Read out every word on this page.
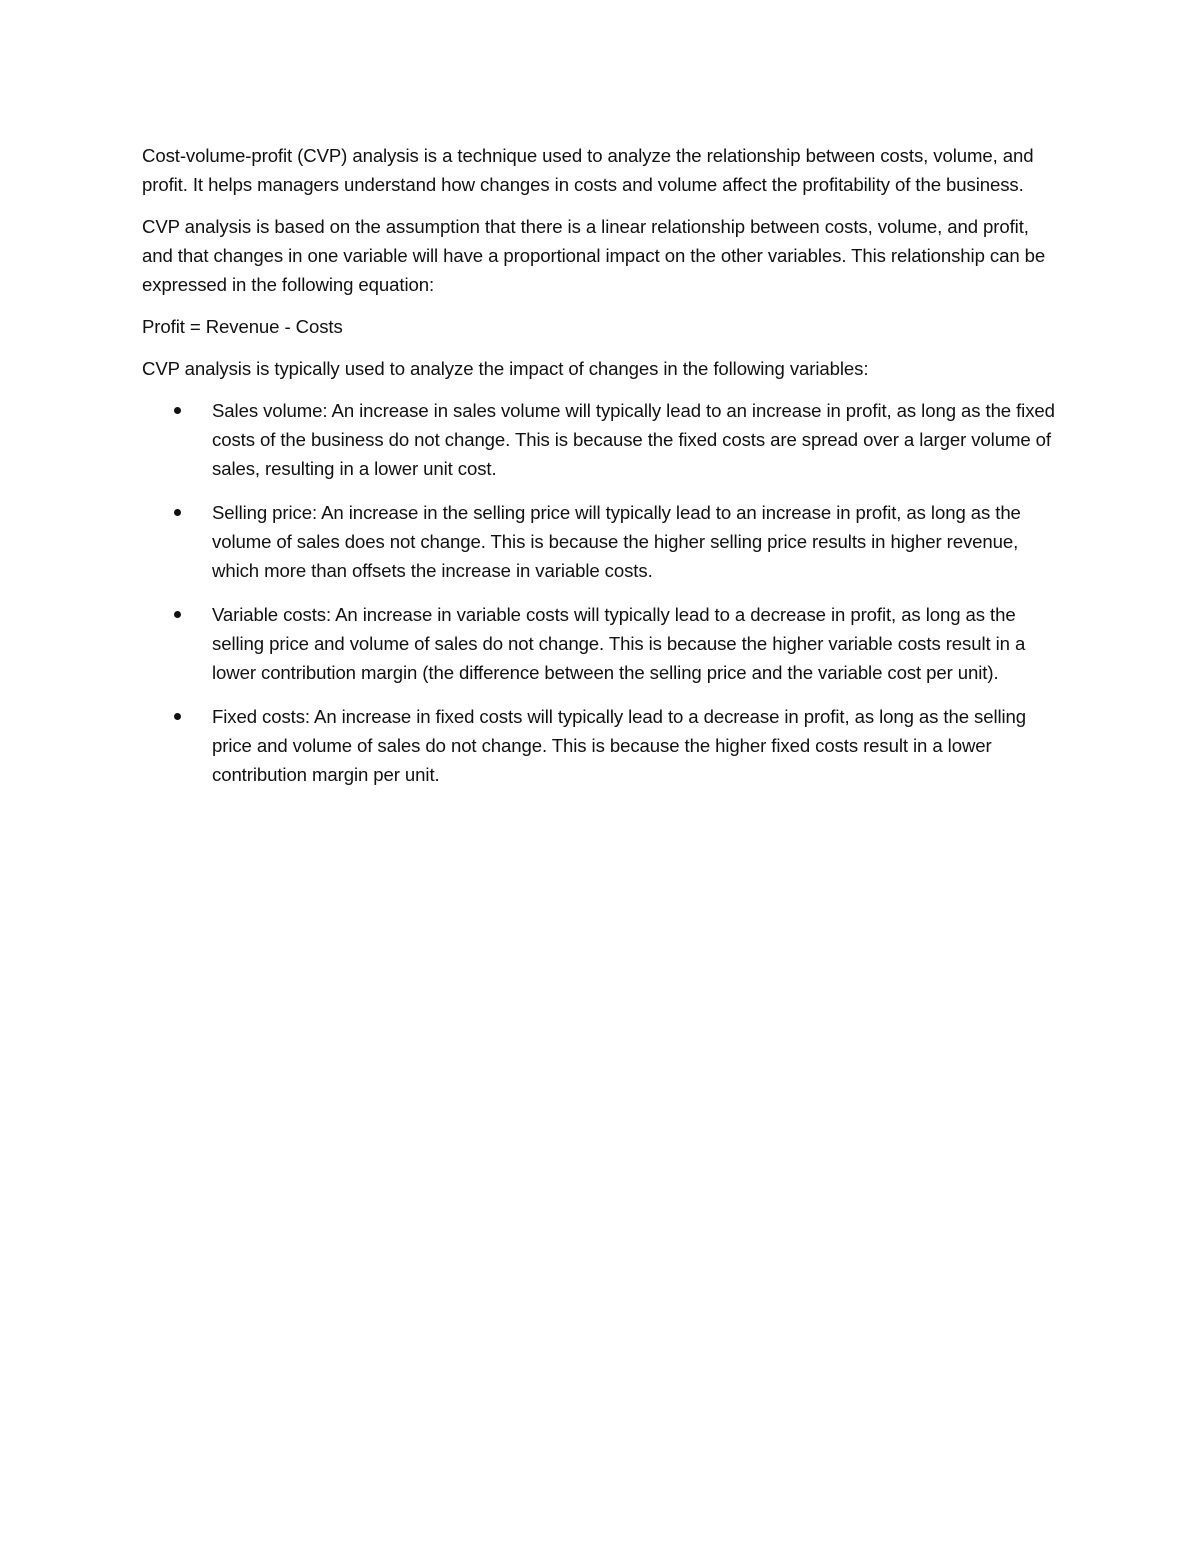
Cost-volume-profit (CVP) analysis is a technique used to analyze the relationship between costs, volume, and profit. It helps managers understand how changes in costs and volume affect the profitability of the business.

CVP analysis is based on the assumption that there is a linear relationship between costs, volume, and profit, and that changes in one variable will have a proportional impact on the other variables. This relationship can be expressed in the following equation:

Profit = Revenue - Costs

CVP analysis is typically used to analyze the impact of changes in the following variables:

Sales volume: An increase in sales volume will typically lead to an increase in profit, as long as the fixed costs of the business do not change. This is because the fixed costs are spread over a larger volume of sales, resulting in a lower unit cost.
Selling price: An increase in the selling price will typically lead to an increase in profit, as long as the volume of sales does not change. This is because the higher selling price results in higher revenue, which more than offsets the increase in variable costs.
Variable costs: An increase in variable costs will typically lead to a decrease in profit, as long as the selling price and volume of sales do not change. This is because the higher variable costs result in a lower contribution margin (the difference between the selling price and the variable cost per unit).
Fixed costs: An increase in fixed costs will typically lead to a decrease in profit, as long as the selling price and volume of sales do not change. This is because the higher fixed costs result in a lower contribution margin per unit.
